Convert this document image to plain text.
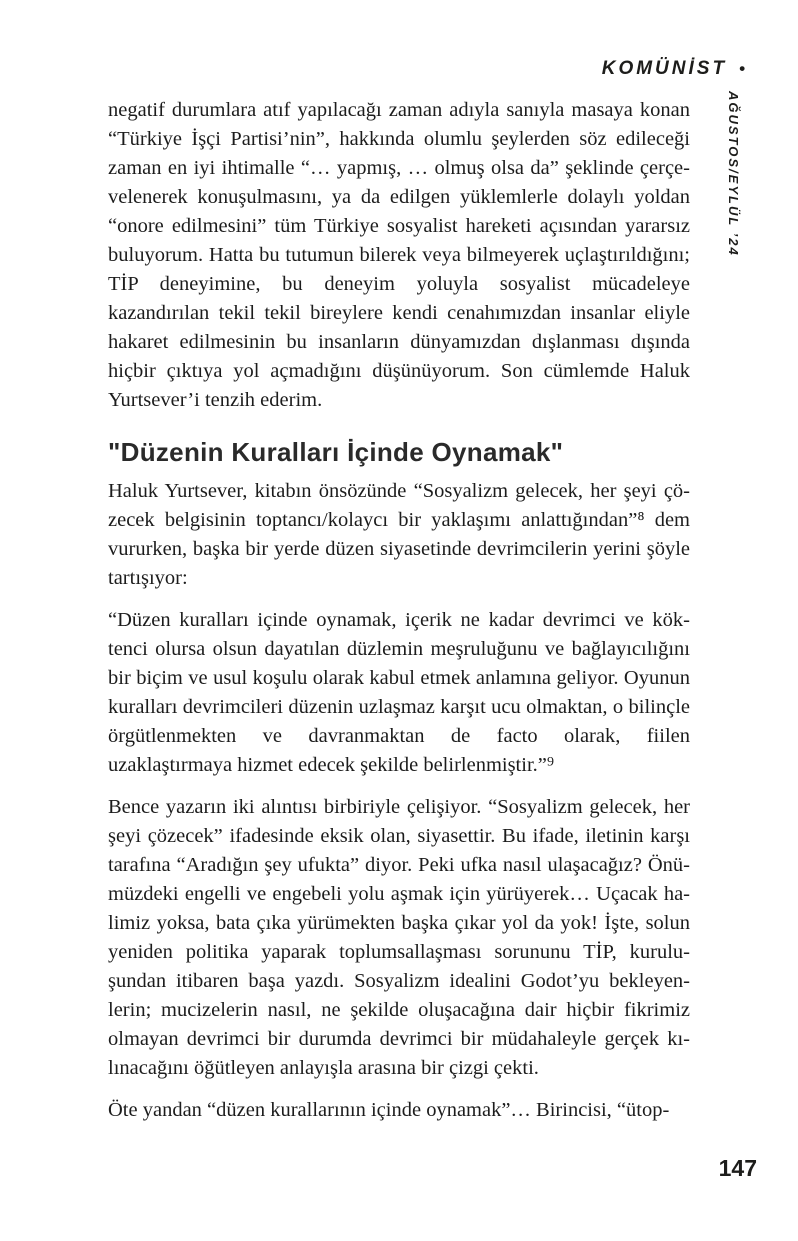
KOMÜNİST •
AĞUSTOS/EYLÜL ’24

negatif durumlara atıf yapılacağı zaman adıyla sanıyla masaya konan “Türkiye İşçi Partisi’nin”, hakkında olumlu şeylerden söz edileceği zaman en iyi ihtimalle “… yapmış, … olmuş olsa da” şeklinde çerçevelenerek konuşulmasını, ya da edilgen yüklemlerle dolaylı yoldan “onore edilmesini” tüm Türkiye sosyalist hareketi açısından yararsız buluyorum. Hatta bu tutumun bilerek veya bilmeyerek uçlaştırıldığını; TİP deneyimine, bu deneyim yoluyla sosyalist mücadeleye kazandırılan tekil tekil bireylere kendi cenahımızdan insanlar eliyle hakaret edilmesinin bu insanların dünyamızdan dışlanması dışında hiçbir çıktıya yol açmadığını düşünüyorum. Son cümlemde Haluk Yurtsever’i tenzih ederim.

"Düzenin Kuralları İçinde Oynamak"

Haluk Yurtsever, kitabın önsözünde “Sosyalizm gelecek, her şeyi çözecek belgisinin toptancı/kolaycı bir yaklaşımı anlattığından”⁸ dem vururken, başka bir yerde düzen siyasetinde devrimcilerin yerini şöyle tartışıyor:

“Düzen kuralları içinde oynamak, içerik ne kadar devrimci ve köktenci olursa olsun dayatılan düzlemin meşruluğunu ve bağlayıcılığını bir biçim ve usul koşulu olarak kabul etmek anlamına geliyor. Oyunun kuralları devrimcileri düzenin uzlaşmaz karşıt ucu olmaktan, o bilinçle örgütlenmekten ve davranmaktan de facto olarak, fiilen uzaklaştırmaya hizmet edecek şekilde belirlenmiştir.”⁹

Bence yazarın iki alıntısı birbiriyle çelişiyor. “Sosyalizm gelecek, her şeyi çözecek” ifadesinde eksik olan, siyasettir. Bu ifade, iletinin karşı tarafına “Aradığın şey ufukta” diyor. Peki ufka nasıl ulaşacağız? Önümüzdeki engelli ve engebeli yolu aşmak için yürüyerek… Uçacak halimiz yoksa, bata çıka yürümekten başka çıkar yol da yok! İşte, solun yeniden politika yaparak toplumsallaşması sorununu TİP, kuruluşundan itibaren başa yazdı. Sosyalizm idealini Godot’yu bekleyenlerin; mucizelerin nasıl, ne şekilde oluşacağına dair hiçbir fikrimiz olmayan devrimci bir durumda devrimci bir müdahaleyle gerçek kılınacağını öğütleyen anlayışla arasına bir çizgi çekti.

Öte yandan “düzen kurallarının içinde oynamak”… Birincisi, “ütop-

147
